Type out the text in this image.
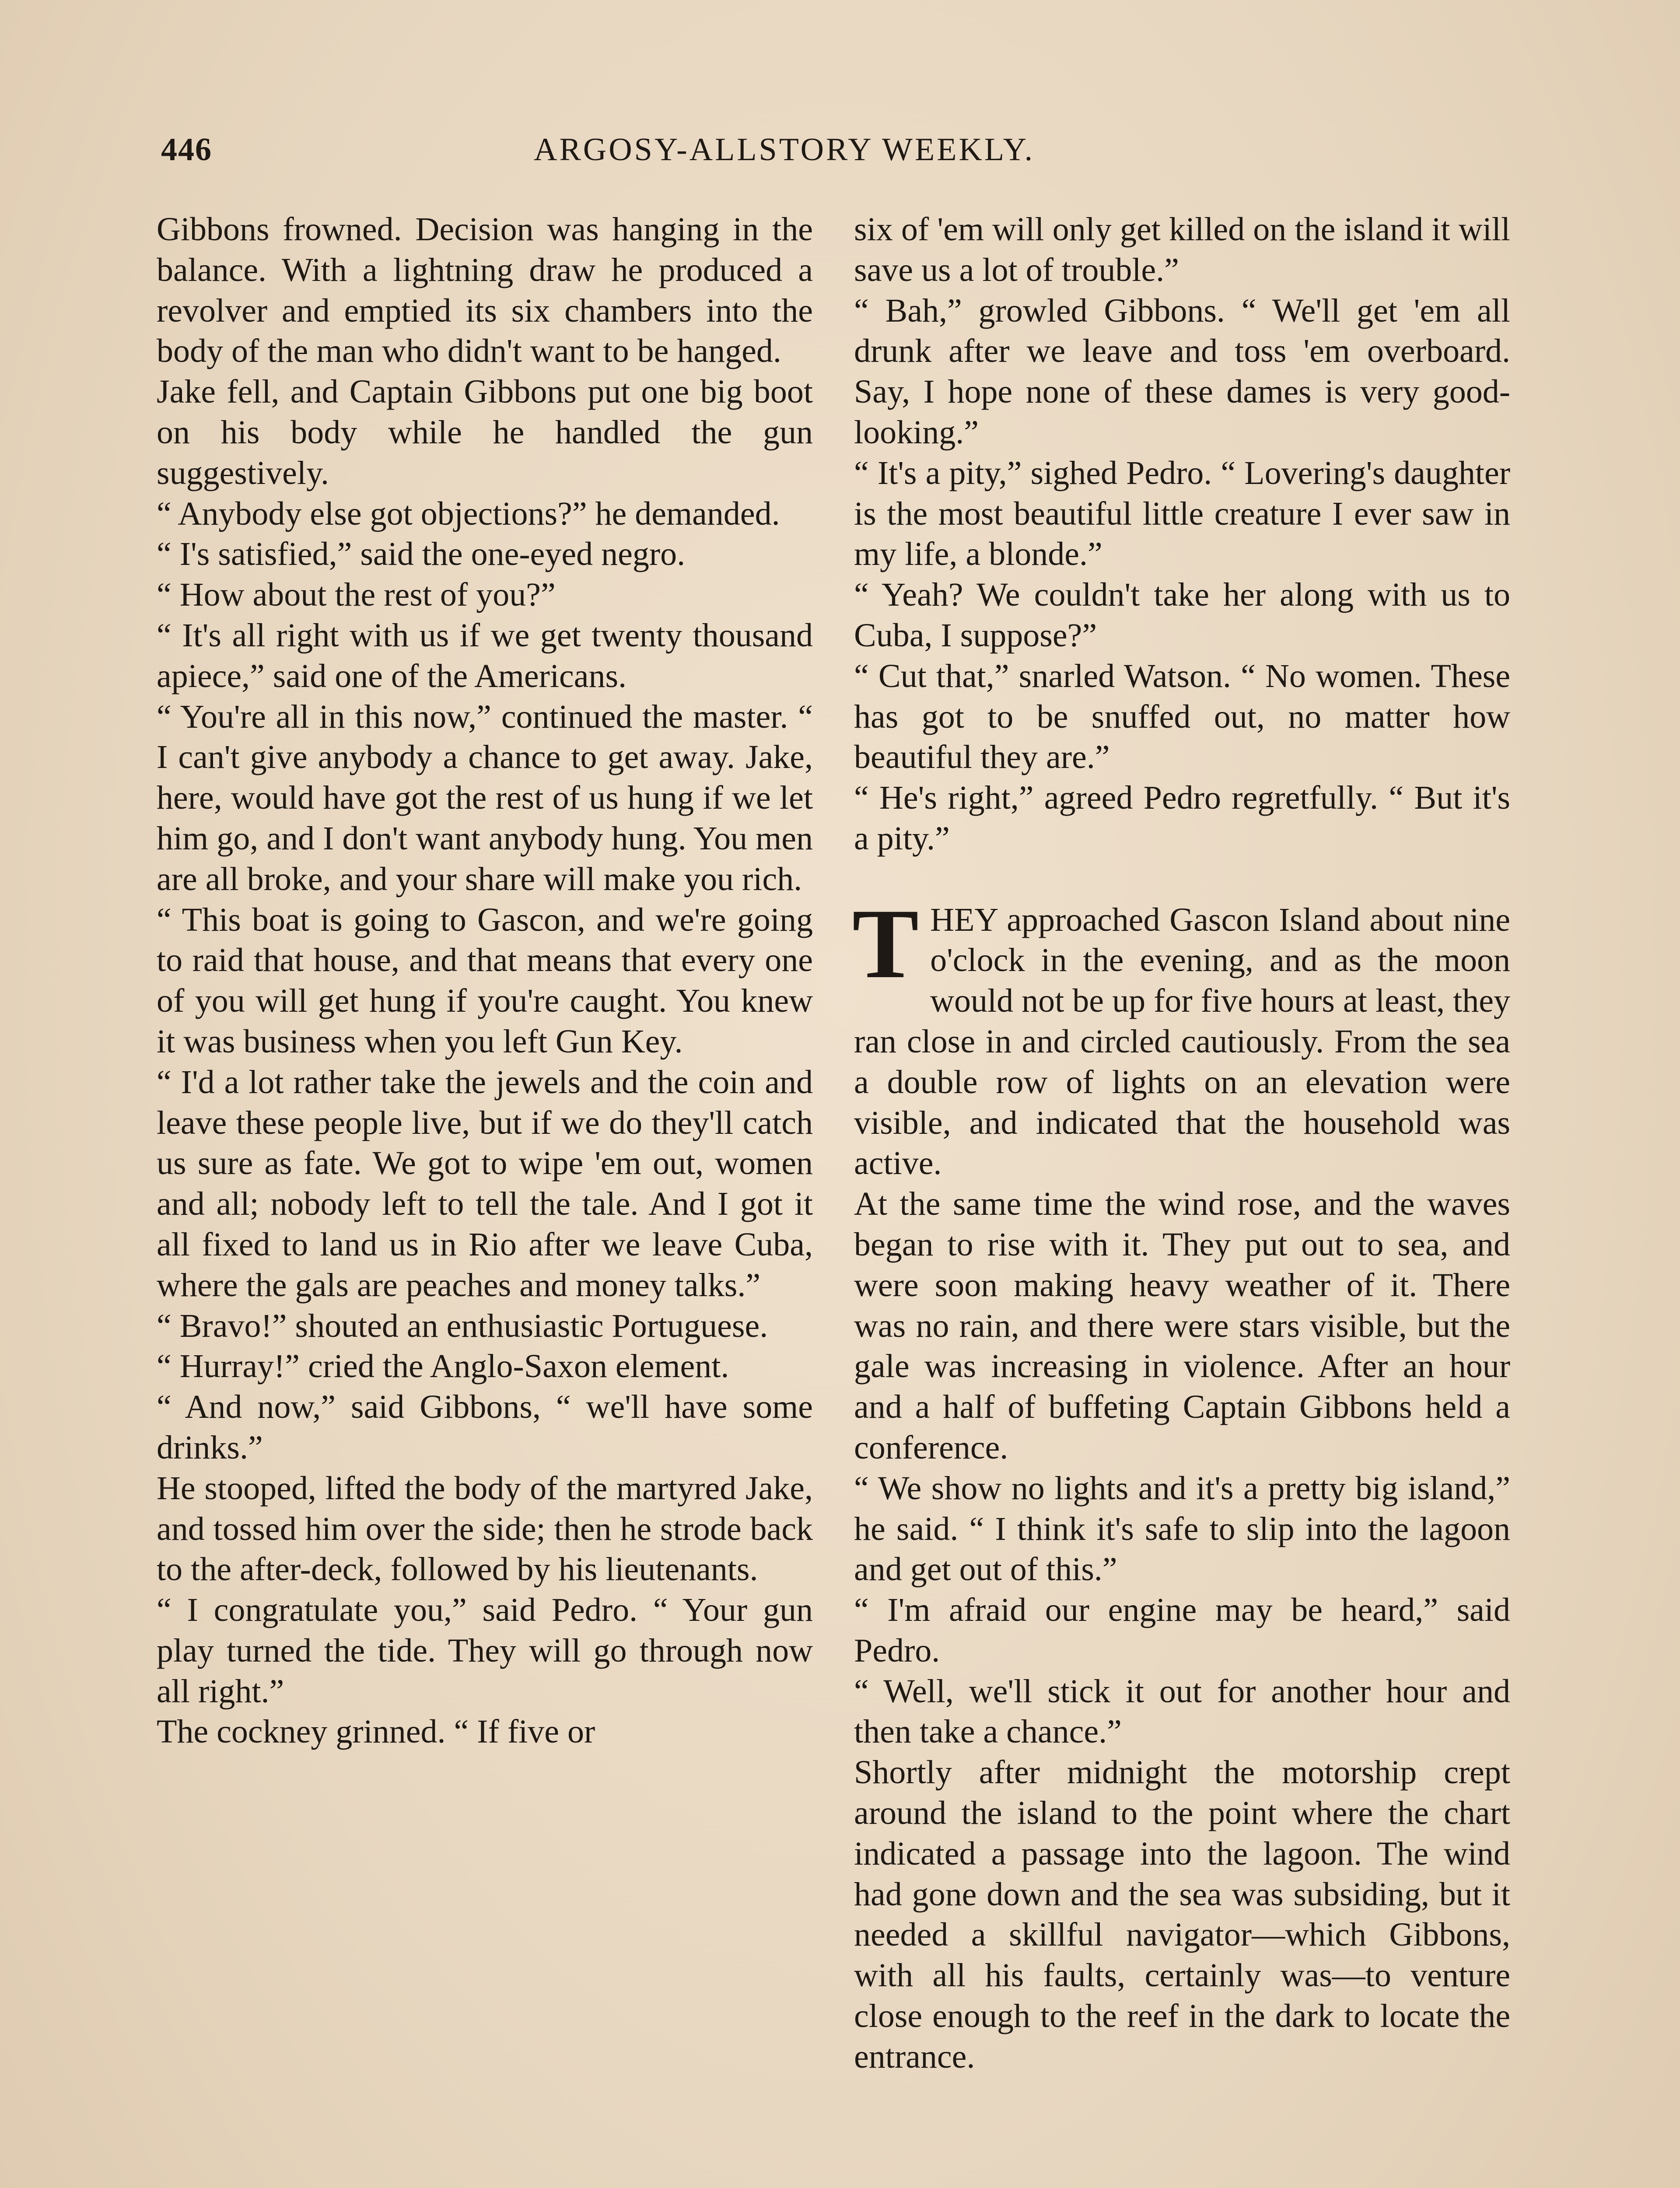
446	ARGOSY-ALLSTORY WEEKLY.

Gibbons frowned. Decision was hanging in the balance. With a lightning draw he produced a revolver and emptied its six chambers into the body of the man who didn't want to be hanged.

Jake fell, and Captain Gibbons put one big boot on his body while he handled the gun suggestively.

“ Anybody else got objections?” he demanded.

“ I's satisfied,” said the one-eyed negro.

“ How about the rest of you?”

“ It's all right with us if we get twenty thousand apiece,” said one of the Americans.

“ You're all in this now,” continued the master. “ I can't give anybody a chance to get away. Jake, here, would have got the rest of us hung if we let him go, and I don't want anybody hung. You men are all broke, and your share will make you rich.

“ This boat is going to Gascon, and we're going to raid that house, and that means that every one of you will get hung if you're caught. You knew it was business when you left Gun Key.

“ I'd a lot rather take the jewels and the coin and leave these people live, but if we do they'll catch us sure as fate. We got to wipe 'em out, women and all; nobody left to tell the tale. And I got it all fixed to land us in Rio after we leave Cuba, where the gals are peaches and money talks.”

“ Bravo!” shouted an enthusiastic Portuguese.

“ Hurray!” cried the Anglo-Saxon element.

“ And now,” said Gibbons, “ we'll have some drinks.”

He stooped, lifted the body of the martyred Jake, and tossed him over the side; then he strode back to the after-deck, followed by his lieutenants.

“ I congratulate you,” said Pedro. “ Your gun play turned the tide. They will go through now all right.”

The cockney grinned. “ If five or

six of 'em will only get killed on the island it will save us a lot of trouble.”

“ Bah,” growled Gibbons. “ We'll get 'em all drunk after we leave and toss 'em overboard. Say, I hope none of these dames is very good-looking.”

“ It's a pity,” sighed Pedro. “ Lovering's daughter is the most beautiful little creature I ever saw in my life, a blonde.”

“ Yeah? We couldn't take her along with us to Cuba, I suppose?”

“ Cut that,” snarled Watson. “ No women. These has got to be snuffed out, no matter how beautiful they are.”

“ He's right,” agreed Pedro regretfully. “ But it's a pity.”

THEY approached Gascon Island about nine o'clock in the evening, and as the moon would not be up for five hours at least, they ran close in and circled cautiously. From the sea a double row of lights on an elevation were visible, and indicated that the household was active.

At the same time the wind rose, and the waves began to rise with it. They put out to sea, and were soon making heavy weather of it. There was no rain, and there were stars visible, but the gale was increasing in violence. After an hour and a half of buffeting Captain Gibbons held a conference.

“ We show no lights and it's a pretty big island,” he said. “ I think it's safe to slip into the lagoon and get out of this.”

“ I'm afraid our engine may be heard,” said Pedro.

“ Well, we'll stick it out for another hour and then take a chance.”

Shortly after midnight the motorship crept around the island to the point where the chart indicated a passage into the lagoon. The wind had gone down and the sea was subsiding, but it needed a skillful navigator—which Gibbons, with all his faults, certainly was—to venture close enough to the reef in the dark to locate the entrance.
